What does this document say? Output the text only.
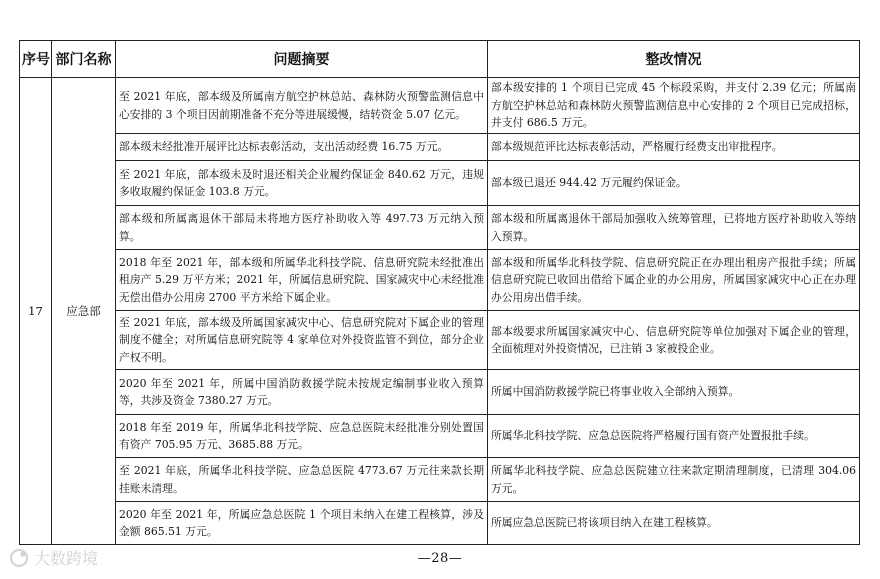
序号	部门名称	问题摘要	整改情况
17	应急部	至 2021 年底，部本级及所属南方航空护林总站、森林防火预警监测信息中心安排的 3 个项目因前期准备不充分等进展缓慢，结转资金 5.07 亿元。	部本级安排的 1 个项目已完成 45 个标段采购，并支付 2.39 亿元；所属南方航空护林总站和森林防火预警监测信息中心安排的 2 个项目已完成招标，并支付 686.5 万元。
		部本级未经批准开展评比达标表彰活动，支出活动经费 16.75 万元。	部本级规范评比达标表彰活动，严格履行经费支出审批程序。
		至 2021 年底，部本级未及时退还相关企业履约保证金 840.62 万元，违规多收取履约保证金 103.8 万元。	部本级已退还 944.42 万元履约保证金。
		部本级和所属离退休干部局未将地方医疗补助收入等 497.73 万元纳入预算。	部本级和所属离退休干部局加强收入统筹管理，已将地方医疗补助收入等纳入预算。
		2018 年至 2021 年，部本级和所属华北科技学院、信息研究院未经批准出租房产 5.29 万平方米；2021 年，所属信息研究院、国家减灾中心未经批准无偿出借办公用房 2700 平方米给下属企业。	部本级和所属华北科技学院、信息研究院正在办理出租房产报批手续；所属信息研究院已收回出借给下属企业的办公用房，所属国家减灾中心正在办理办公用房出借手续。
		至 2021 年底，部本级及所属国家减灾中心、信息研究院对下属企业的管理制度不健全；对所属信息研究院等 4 家单位对外投资监管不到位，部分企业产权不明。	部本级要求所属国家减灾中心、信息研究院等单位加强对下属企业的管理，全面梳理对外投资情况，已注销 3 家被投企业。
		2020 年至 2021 年，所属中国消防救援学院未按规定编制事业收入预算等，共涉及资金 7380.27 万元。	所属中国消防救援学院已将事业收入全部纳入预算。
		2018 年至 2019 年，所属华北科技学院、应急总医院未经批准分别处置国有资产 705.95 万元、3685.88 万元。	所属华北科技学院、应急总医院将严格履行国有资产处置报批手续。
		至 2021 年底，所属华北科技学院、应急总医院 4773.67 万元往来款长期挂账未清理。	所属华北科技学院、应急总医院建立往来款定期清理制度，已清理 304.06 万元。
		2020 年至 2021 年，所属应急总医院 1 个项目未纳入在建工程核算，涉及金额 865.51 万元。	所属应急总医院已将该项目纳入在建工程核算。
—28—
大数跨境
